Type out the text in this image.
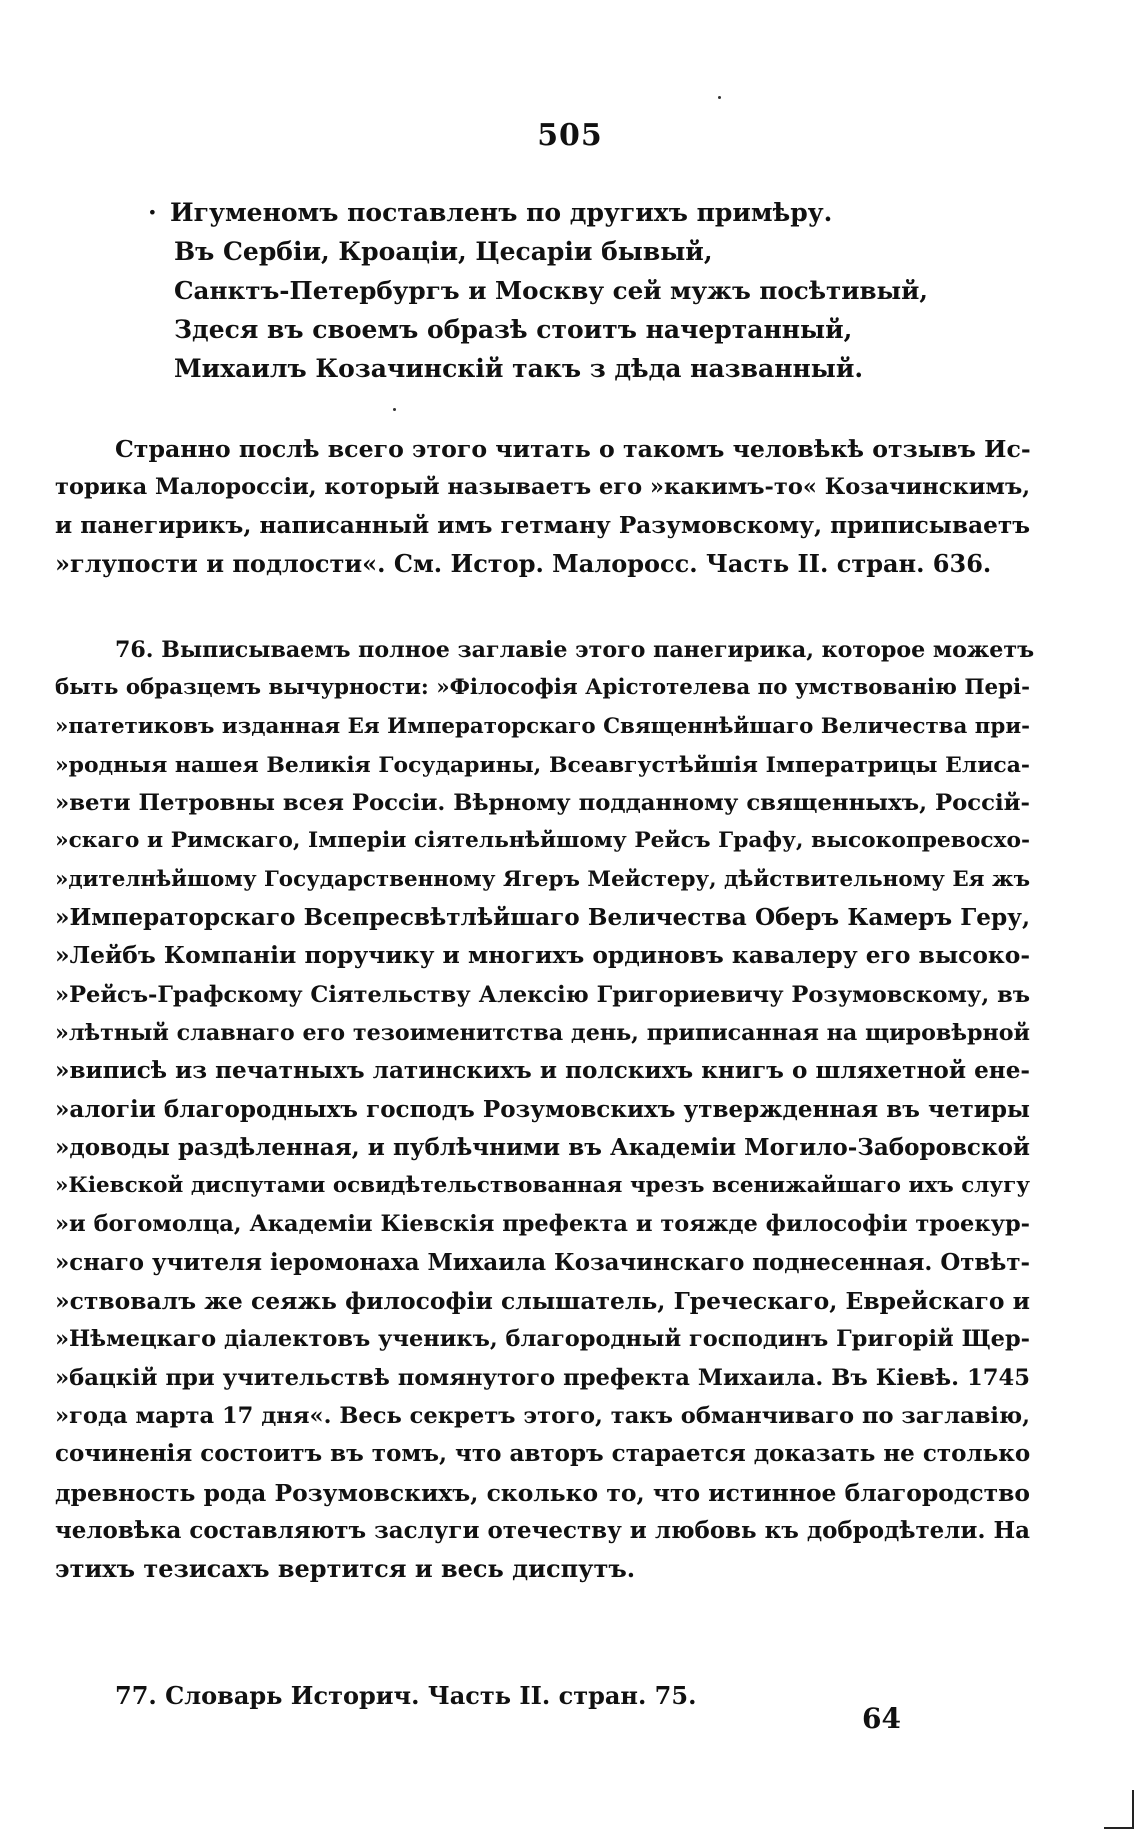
505
· Игуменомъ поставленъ по другихъ примѣру.
Въ Сербіи, Кроаціи, Цесаріи бывый,
Санктъ-Петербургъ и Москву сей мужъ посѣтивый,
Здеся въ своемъ образѣ стоитъ начертанный,
Михаилъ Козачинскій такъ з дѣда названный.
Странно послѣ всего этого читать о такомъ человѣкѣ отзывъ Ис-
торика Малороссіи, который называетъ его »какимъ-то« Козачинскимъ,
и панегирикъ, написанный имъ гетману Разумовскому, приписываетъ
»глупости и подлости«. См. Истор. Малоросс. Часть II. стран. 636.
76. Выписываемъ полное заглавіе этого панегирика, которое можетъ
быть образцемъ вычурности: »Філософія Арістотелева по умствованію Перi-
»патетиковъ изданная Ея Императорскаго Священнѣйшаго Величества при-
»родныя нашея Великія Государины, Всеавгустѣйшія Імператрицы Елиса-
»вети Петровны всея Россіи. Вѣрному подданному священныхъ, Россій-
»скаго и Римскаго, Імперіи сіятельнѣйшому Рейсъ Графу, высокопревосхо-
»дителнѣйшому Государственному Ягеръ Мейстеру, дѣйствительному Ея жъ
»Императорскаго Всепресвѣтлѣйшаго Величества Оберъ Камеръ Геру,
»Лейбъ Компаніи поручику и многихъ ординовъ кавалеру его высоко-
»Рейсъ-Графскому Сіятельству Алексію Григориевичу Розумовскому, въ
»лѣтный славнаго его тезоименитства день, приписанная на щировѣрной
»виписѣ из печатныхъ латинскихъ и полскихъ книгъ о шляхетной ене-
»алогіи благородныхъ господъ Розумовскихъ утвержденная въ четиры
»доводы раздѣленная, и публѣчними въ Академіи Могило-Заборовской
»Кіевской диспутами освидѣтельствованная чрезъ всенижайшаго ихъ слугу
»и богомолца, Академіи Кіевскія префекта и тояжде философіи троекур-
»снаго учителя іеромонаха Михаила Козачинскаго поднесенная. Отвѣт-
»ствовалъ же сеяжь философіи слышатель, Греческаго, Еврейскаго и
»Нѣмецкаго діалектовъ ученикъ, благородный господинъ Григорій Щер-
»бацкій при учительствѣ помянутого префекта Михаила. Въ Кіевѣ. 1745
»года марта 17 дня«. Весь секретъ этого, такъ обманчиваго по заглавію,
сочиненія состоитъ въ томъ, что авторъ старается доказать не столько
древность рода Розумовскихъ, сколько то, что истинное благородство
человѣка составляютъ заслуги отечеству и любовь къ добродѣтели. На
этихъ тезисахъ вертится и весь диспутъ.
77. Словарь Историч. Часть II. стран. 75.
64
